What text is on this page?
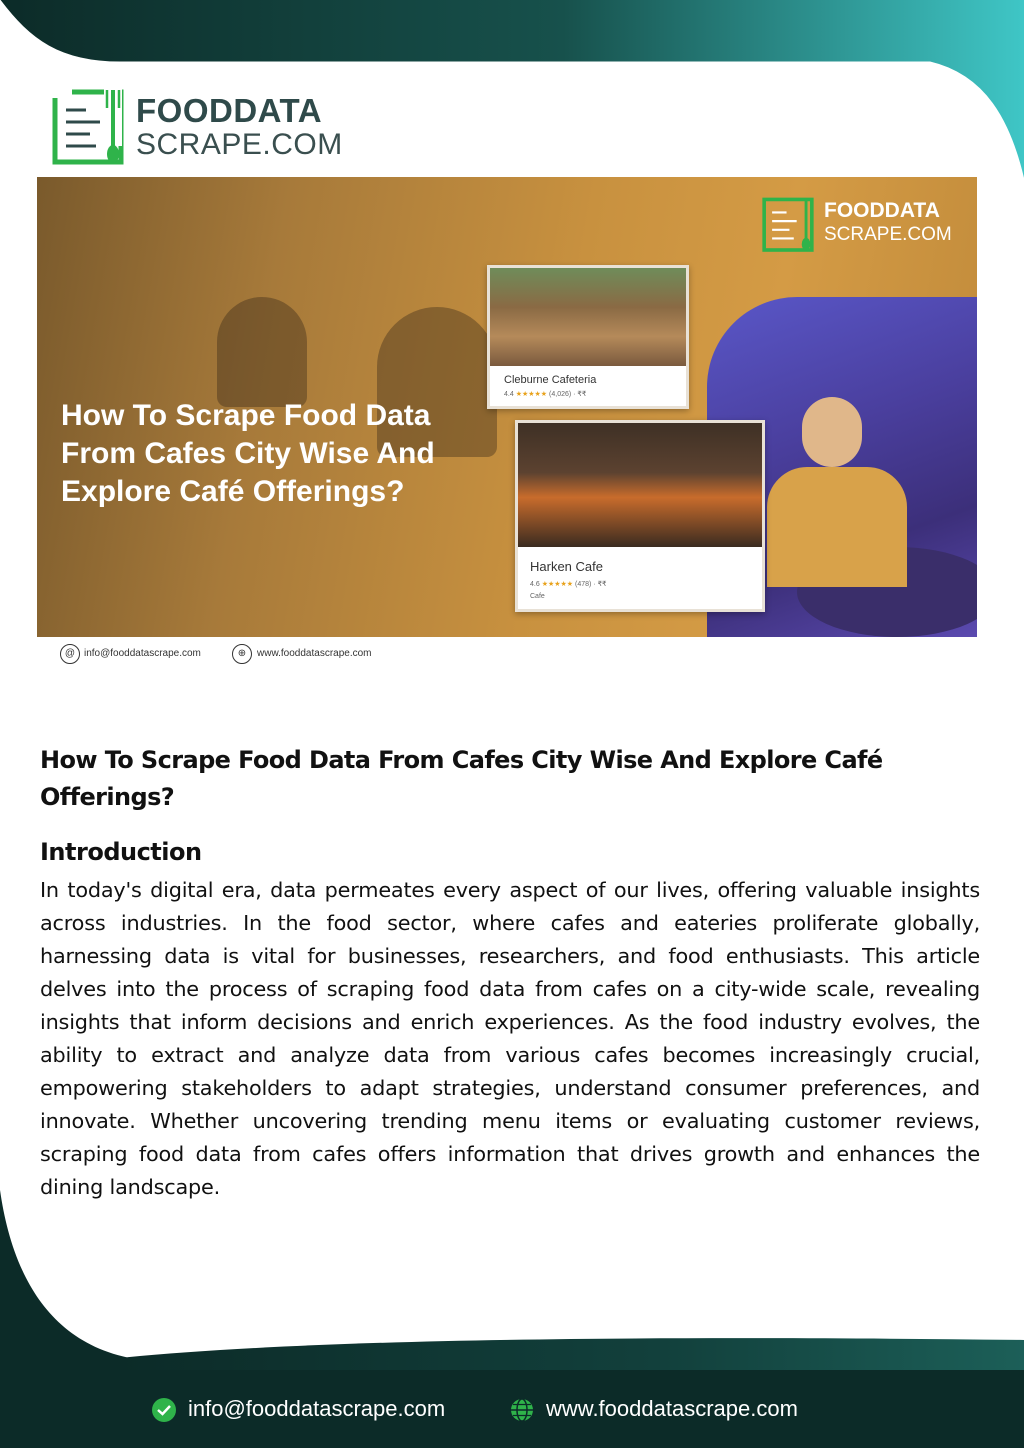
FOODDATA
SCRAPE.COM
How To Scrape Food Data From Cafes City Wise And Explore Café Offerings?
FOODDATA
SCRAPE.COM
Cleburne Cafeteria
4.4 ★★★★★ (4,026) · ₹₹
Harken Cafe
4.6 ★★★★★ (478) · ₹₹
Cafe
@ info@fooddatascrape.com	⊕	www.fooddatascrape.com
How To Scrape Food Data From Cafes City Wise And Explore Café Offerings?
Introduction
In today's digital era, data permeates every aspect of our lives, offering valuable insights across industries. In the food sector, where cafes and eateries proliferate globally, harnessing data is vital for businesses, researchers, and food enthusiasts. This article delves into the process of scraping food data from cafes on a city-wide scale, revealing insights that inform decisions and enrich experiences. As the food industry evolves, the ability to extract and analyze data from various cafes becomes increasingly crucial, empowering stakeholders to adapt strategies, understand consumer preferences, and innovate. Whether uncovering trending menu items or evaluating customer reviews, scraping food data from cafes offers information that drives growth and enhances the dining landscape.
info@fooddatascrape.com	www.fooddatascrape.com
